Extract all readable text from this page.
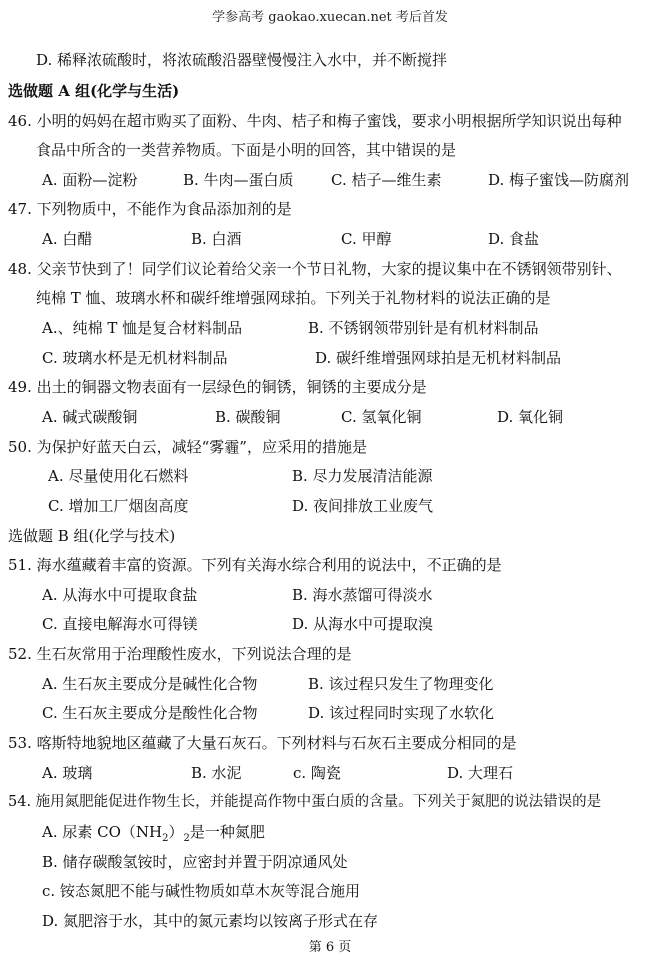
学参高考 gaokao.xuecan.net 考后首发
D. 稀释浓硫酸时，将浓硫酸沿器壁慢慢注入水中，并不断搅拌
选做题 A 组(化学与生活)
46. 小明的妈妈在超市购买了面粉、牛肉、桔子和梅子蜜饯，要求小明根据所学知识说出每种
食品中所含的一类营养物质。下面是小明的回答，其中错误的是
A. 面粉—淀粉	B. 牛肉—蛋白质 C. 桔子—维生素	D. 梅子蜜饯—防腐剂
47. 下列物质中，不能作为食品添加剂的是
A. 白醋	B. 白酒	C. 甲醇	D. 食盐
48. 父亲节快到了！同学们议论着给父亲一个节日礼物，大家的提议集中在不锈钢领带别针、
纯棉 T 恤、玻璃水杯和碳纤维增强网球拍。下列关于礼物材料的说法正确的是
A.、纯棉 T 恤是复合材料制品	B. 不锈钢领带别针是有机材料制品
C. 玻璃水杯是无机材料制品	D. 碳纤维增强网球拍是无机材料制品
49. 出土的铜器文物表面有一层绿色的铜锈，铜锈的主要成分是
A. 碱式碳酸铜	B. 碳酸铜	C. 氢氧化铜	D. 氧化铜
50. 为保护好蓝天白云，减轻“雾霾”，应采用的措施是
A. 尽量使用化石燃料	B. 尽力发展清洁能源
C. 增加工厂烟囱高度	D. 夜间排放工业废气
选做题 B 组(化学与技术)
51. 海水蕴藏着丰富的资源。下列有关海水综合利用的说法中，不正确的是
A. 从海水中可提取食盐	B. 海水蒸馏可得淡水
C. 直接电解海水可得镁	D. 从海水中可提取溴
52. 生石灰常用于治理酸性废水，下列说法合理的是
A. 生石灰主要成分是碱性化合物	B. 该过程只发生了物理变化
C. 生石灰主要成分是酸性化合物	D. 该过程同时实现了水软化
53. 喀斯特地貌地区蕴藏了大量石灰石。下列材料与石灰石主要成分相同的是
A. 玻璃	B. 水泥	c. 陶瓷	D. 大理石
54. 施用氮肥能促进作物生长，并能提高作物中蛋白质的含量。下列关于氮肥的说法错误的是
A. 尿素 $CO(NH_2)_2$是一种氮肥
B. 储存碳酸氢铵时，应密封并置于阴凉通风处
c. 铵态氮肥不能与碱性物质如草木灰等混合施用
D. 氮肥溶于水，其中的氮元素均以铵离子形式在存
第 6 页
